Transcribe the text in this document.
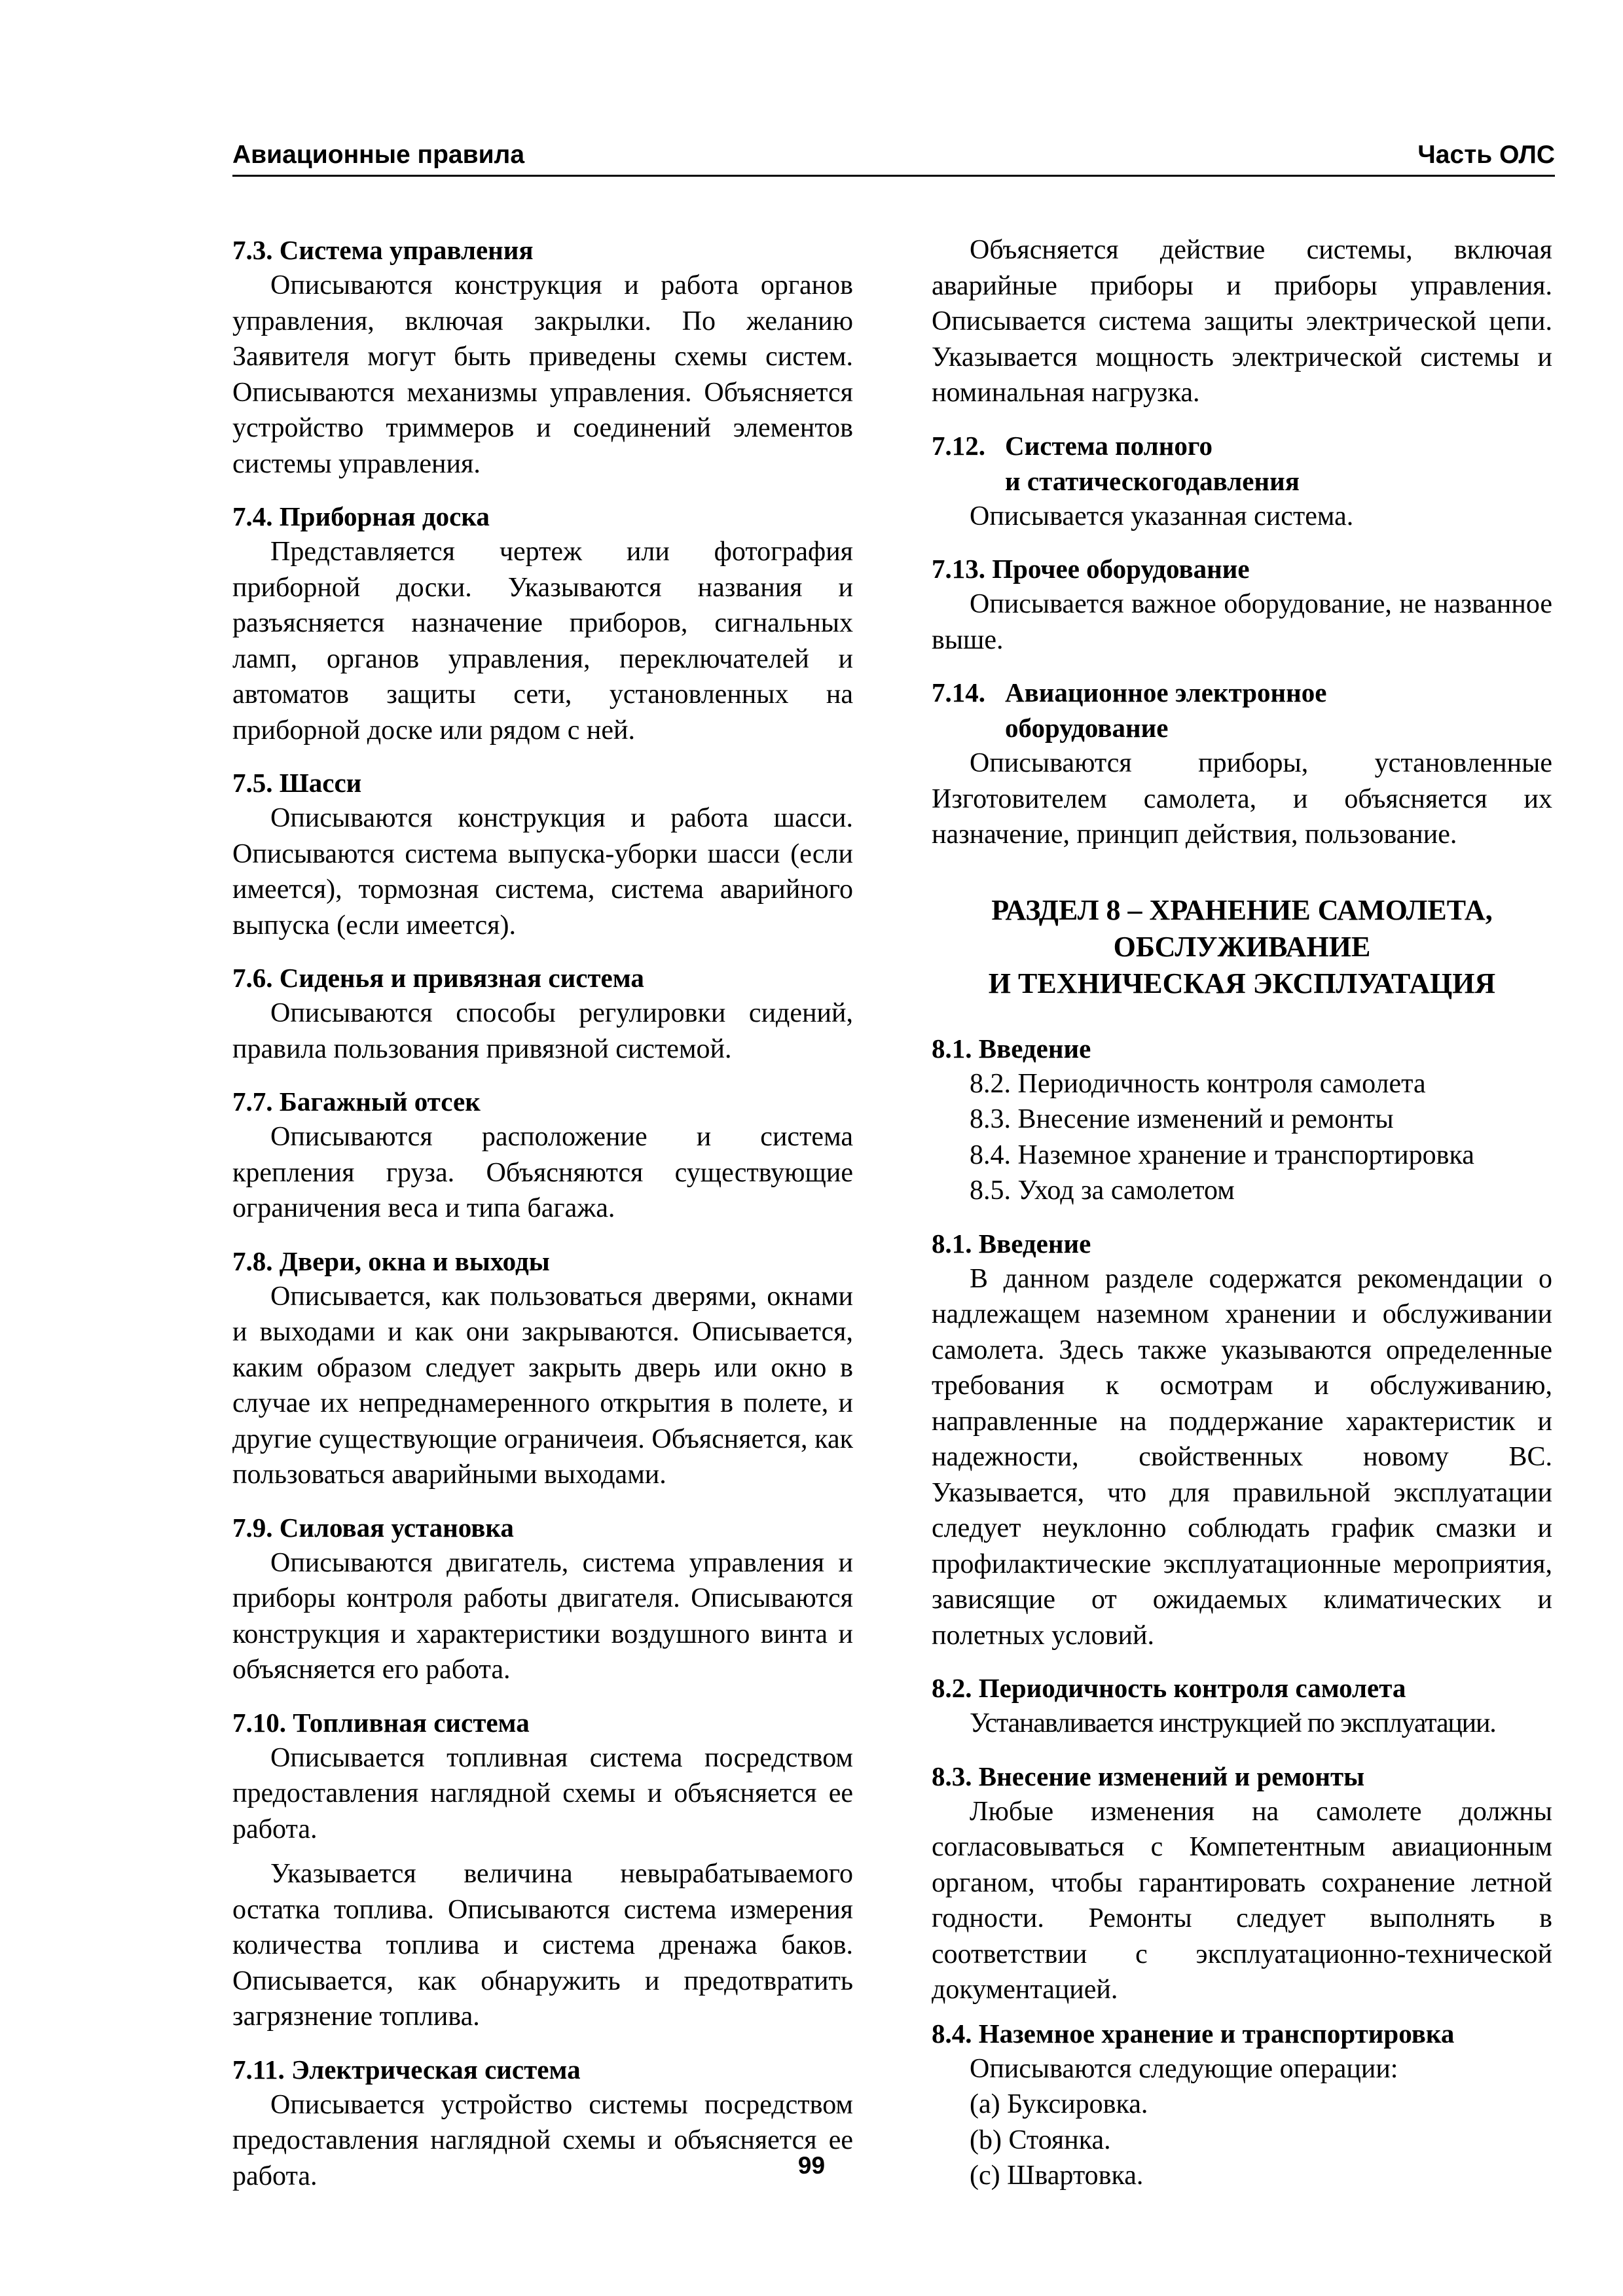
Авиационные правила	Часть ОЛС
7.3. Система управления

Описываются конструкция и работа органов управления, включая закрылки. По желанию Заявителя могут быть приведены схемы систем. Описываются механизмы управления. Объясняется устройство триммеров и соединений элементов системы управления.

7.4. Приборная доска

Представляется чертеж или фотография приборной доски. Указываются названия и разъясняется назначение приборов, сигнальных ламп, органов управления, переключателей и автоматов защиты сети, установленных на приборной доске или рядом с ней.

7.5. Шасси

Описываются конструкция и работа шасси. Описываются система выпуска-уборки шасси (если имеется), тормозная система, система аварийного выпуска (если имеется).

7.6. Сиденья и привязная система

Описываются способы регулировки сидений, правила пользования привязной системой.

7.7. Багажный отсек

Описываются расположение и система крепления груза. Объясняются существующие ограничения веса и типа багажа.

7.8. Двери, окна и выходы

Описывается, как пользоваться дверями, окнами и выходами и как они закрываются. Описывается, каким образом следует закрыть дверь или окно в случае их непреднамеренного открытия в полете, и другие существующие ограничеия. Объясняется, как пользоваться аварийными выходами.

7.9. Силовая установка

Описываются двигатель, система управления и приборы контроля работы двигателя. Описываются конструкция и характеристики воздушного винта и объясняется его работа.

7.10. Топливная система

Описывается топливная система посредством предоставления наглядной схемы и объясняется ее работа.

Указывается величина невырабатываемого остатка топлива. Описываются система измерения количества топлива и система дренажа баков. Описывается, как обнаружить и предотвратить загрязнение топлива.

7.11. Электрическая система

Описывается устройство системы посредством предоставления наглядной схемы и объясняется ее работа.

Объясняется действие системы, включая аварийные приборы и приборы управления. Описывается система защиты электрической цепи. Указывается мощность электрической системы и номинальная нагрузка.

7.12. Система полного
и статическогодавления

Описывается указанная система.

7.13. Прочее оборудование

Описывается важное оборудование, не названное выше.

7.14. Авиационное электронное
оборудование

Описываются приборы, установленные Изготовителем самолета, и объясняется их назначение, принцип действия, пользование.

РАЗДЕЛ 8 – ХРАНЕНИЕ САМОЛЕТА,
ОБСЛУЖИВАНИЕ
И ТЕХНИЧЕСКАЯ ЭКСПЛУАТАЦИЯ
8.1. Введение
8.2. Периодичность контроля самолета
8.3. Внесение изменений и ремонты
8.4. Наземное хранение и транспортировка
8.5. Уход за самолетом
8.1. Введение

В данном разделе содержатся рекомендации о надлежащем наземном хранении и обслуживании самолета. Здесь также указываются определенные требования к осмотрам и обслуживанию, направленные на поддержание характеристик и надежности, свойственных новому ВС. Указывается, что для правильной эксплуатации следует неуклонно соблюдать график смазки и профилактические эксплуатационные мероприятия, зависящие от ожидаемых климатических и полетных условий.

8.2. Периодичность контроля самолета

Устанавливается инструкцией по эксплуатации.

8.3. Внесение изменений и ремонты

Любые изменения на самолете должны согласовываться с Компетентным авиационным органом, чтобы гарантировать сохранение летной годности. Ремонты следует выполнять в соответствии с эксплуатационно-технической документацией.

8.4. Наземное хранение и транспортировка
Описываются следующие операции:
(a) Буксировка.
(b) Стоянка.
(c) Швартовка.
99
